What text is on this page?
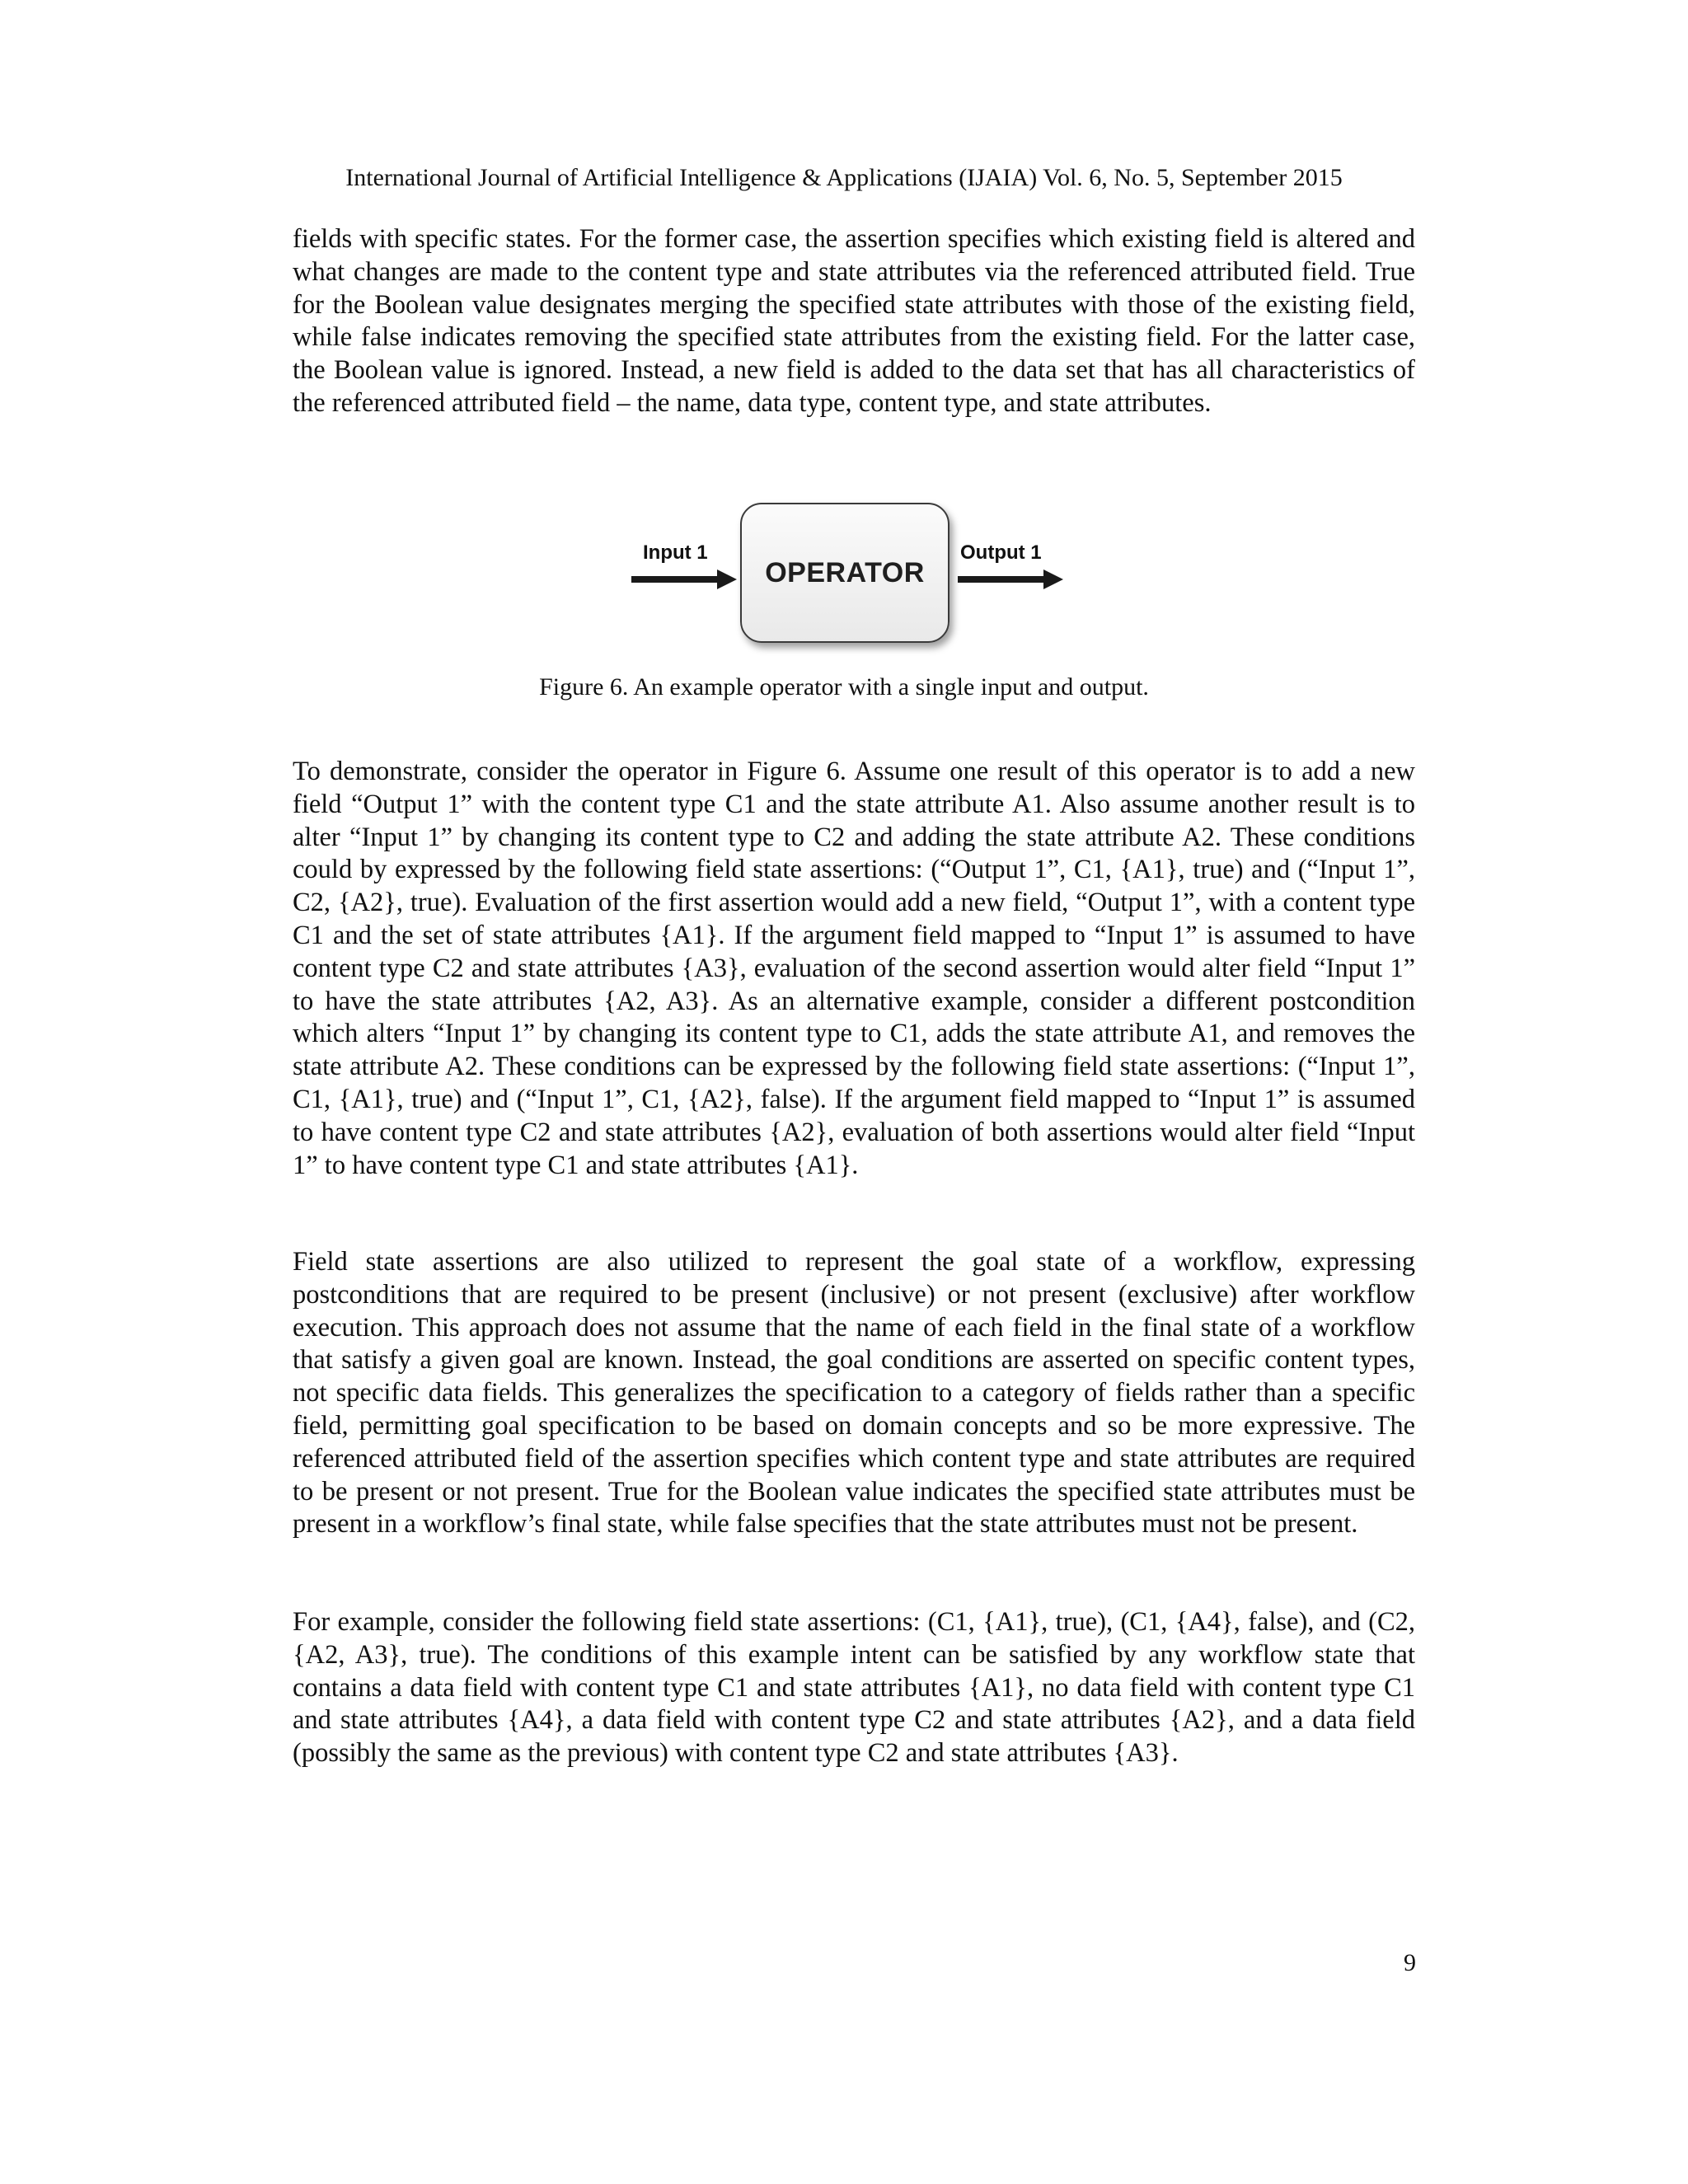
International Journal of Artificial Intelligence & Applications (IJAIA) Vol. 6, No. 5, September 2015

fields with specific states. For the former case, the assertion specifies which existing field is altered and what changes are made to the content type and state attributes via the referenced attributed field. True for the Boolean value designates merging the specified state attributes with those of the existing field, while false indicates removing the specified state attributes from the existing field. For the latter case, the Boolean value is ignored. Instead, a new field is added to the data set that has all characteristics of the referenced attributed field – the name, data type, content type, and state attributes.

Input 1
OPERATOR
Output 1
Figure 6. An example operator with a single input and output.

To demonstrate, consider the operator in Figure 6. Assume one result of this operator is to add a new field “Output 1” with the content type C1 and the state attribute A1. Also assume another result is to alter “Input 1” by changing its content type to C2 and adding the state attribute A2. These conditions could by expressed by the following field state assertions: (“Output 1”, C1, {A1}, true) and (“Input 1”, C2, {A2}, true). Evaluation of the first assertion would add a new field, “Output 1”, with a content type C1 and the set of state attributes {A1}. If the argument field mapped to “Input 1” is assumed to have content type C2 and state attributes {A3}, evaluation of the second assertion would alter field “Input 1” to have the state attributes {A2, A3}. As an alternative example, consider a different postcondition which alters “Input 1” by changing its content type to C1, adds the state attribute A1, and removes the state attribute A2. These conditions can be expressed by the following field state assertions: (“Input 1”, C1, {A1}, true) and (“Input 1”, C1, {A2}, false). If the argument field mapped to “Input 1” is assumed to have content type C2 and state attributes {A2}, evaluation of both assertions would alter field “Input 1” to have content type C1 and state attributes {A1}.

Field state assertions are also utilized to represent the goal state of a workflow, expressing postconditions that are required to be present (inclusive) or not present (exclusive) after workflow execution. This approach does not assume that the name of each field in the final state of a workflow that satisfy a given goal are known. Instead, the goal conditions are asserted on specific content types, not specific data fields. This generalizes the specification to a category of fields rather than a specific field, permitting goal specification to be based on domain concepts and so be more expressive. The referenced attributed field of the assertion specifies which content type and state attributes are required to be present or not present. True for the Boolean value indicates the specified state attributes must be present in a workflow’s final state, while false specifies that the state attributes must not be present.

For example, consider the following field state assertions: (C1, {A1}, true), (C1, {A4}, false), and (C2, {A2, A3}, true). The conditions of this example intent can be satisfied by any workflow state that contains a data field with content type C1 and state attributes {A1}, no data field with content type C1 and state attributes {A4}, a data field with content type C2 and state attributes {A2}, and a data field (possibly the same as the previous) with content type C2 and state attributes {A3}.

9
